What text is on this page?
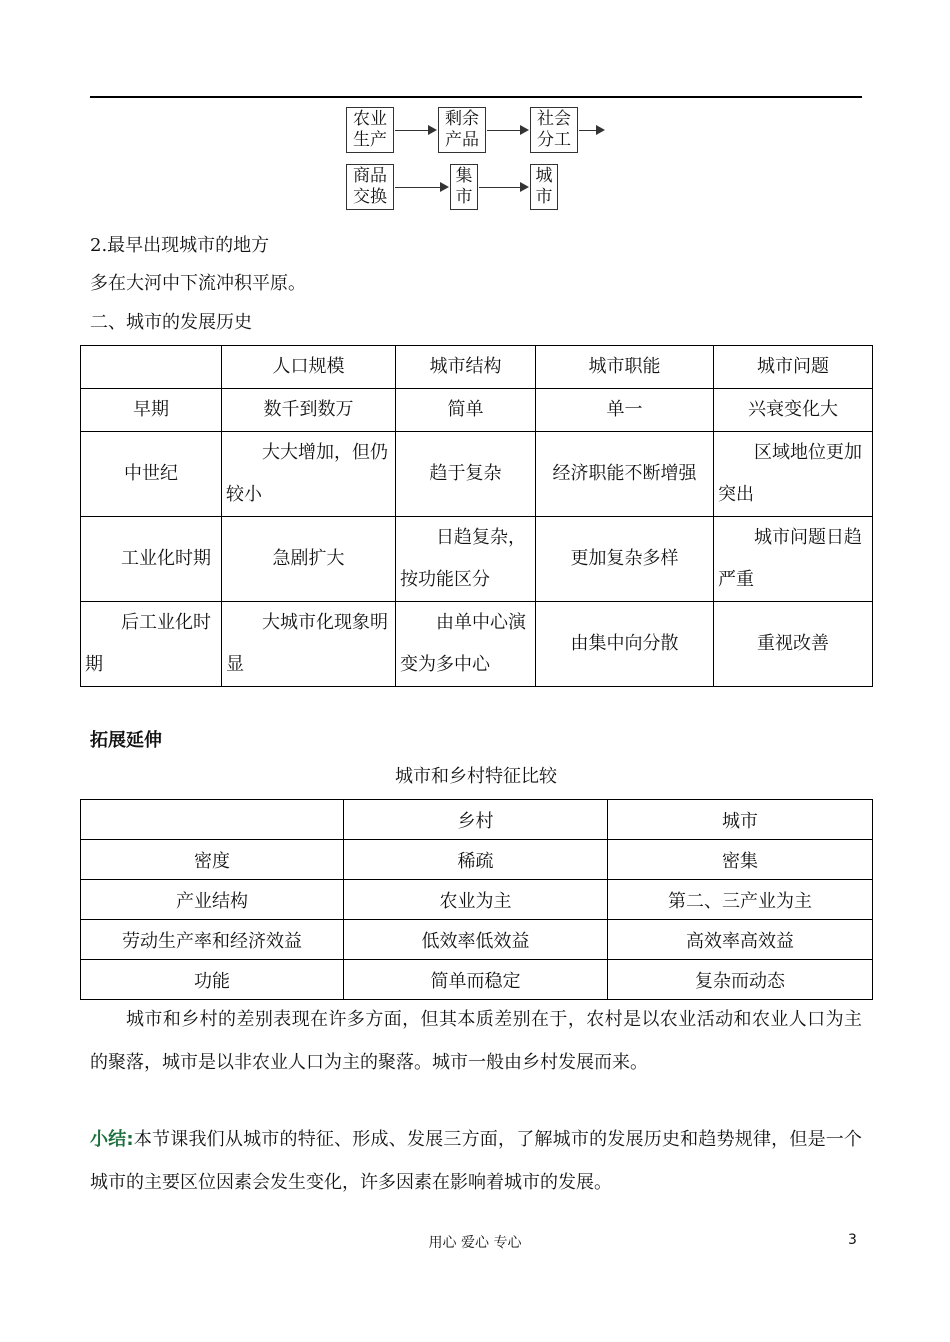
农业
生产
剩余
产品
社会
分工
商品
交换
集
市
城
市
2.最早出现城市的地方
多在大河中下流冲积平原。
二、城市的发展历史
	人口规模	城市结构	城市职能	城市问题
早期	数千到数万	简单	单一	兴衰变化大
中世纪	大大增加，但仍较小	趋于复杂	经济职能不断增强	区域地位更加突出
工业化时期	急剧扩大	日趋复杂，按功能区分	更加复杂多样	城市问题日趋严重
后工业化时期	大城市化现象明显	由单中心演变为多中心	由集中向分散	重视改善
拓展延伸
城市和乡村特征比较
	乡村	城市
密度	稀疏	密集
产业结构	农业为主	第二、三产业为主
劳动生产率和经济效益	低效率低效益	高效率高效益
功能	简单而稳定	复杂而动态
城市和乡村的差别表现在许多方面，但其本质差别在于，农村是以农业活动和农业人口为主的聚落，城市是以非农业人口为主的聚落。城市一般由乡村发展而来。
小结:本节课我们从城市的特征、形成、发展三方面，了解城市的发展历史和趋势规律，但是一个城市的主要区位因素会发生变化，许多因素在影响着城市的发展。
用心 爱心 专心	3
